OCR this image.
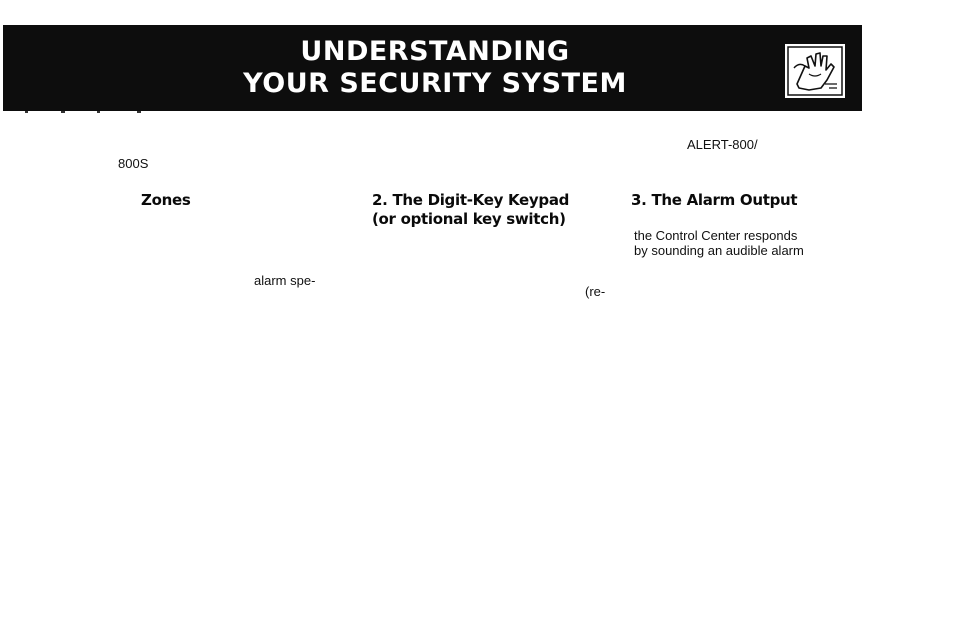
UNDERSTANDING
YOUR SECURITY SYSTEM
ALERT-800/
800S
Zones	2. The Digit-Key Keypad
(or optional key switch)
3. The Alarm Output
the Control Center responds
by sounding an audible alarm
alarm spe-
(re-
